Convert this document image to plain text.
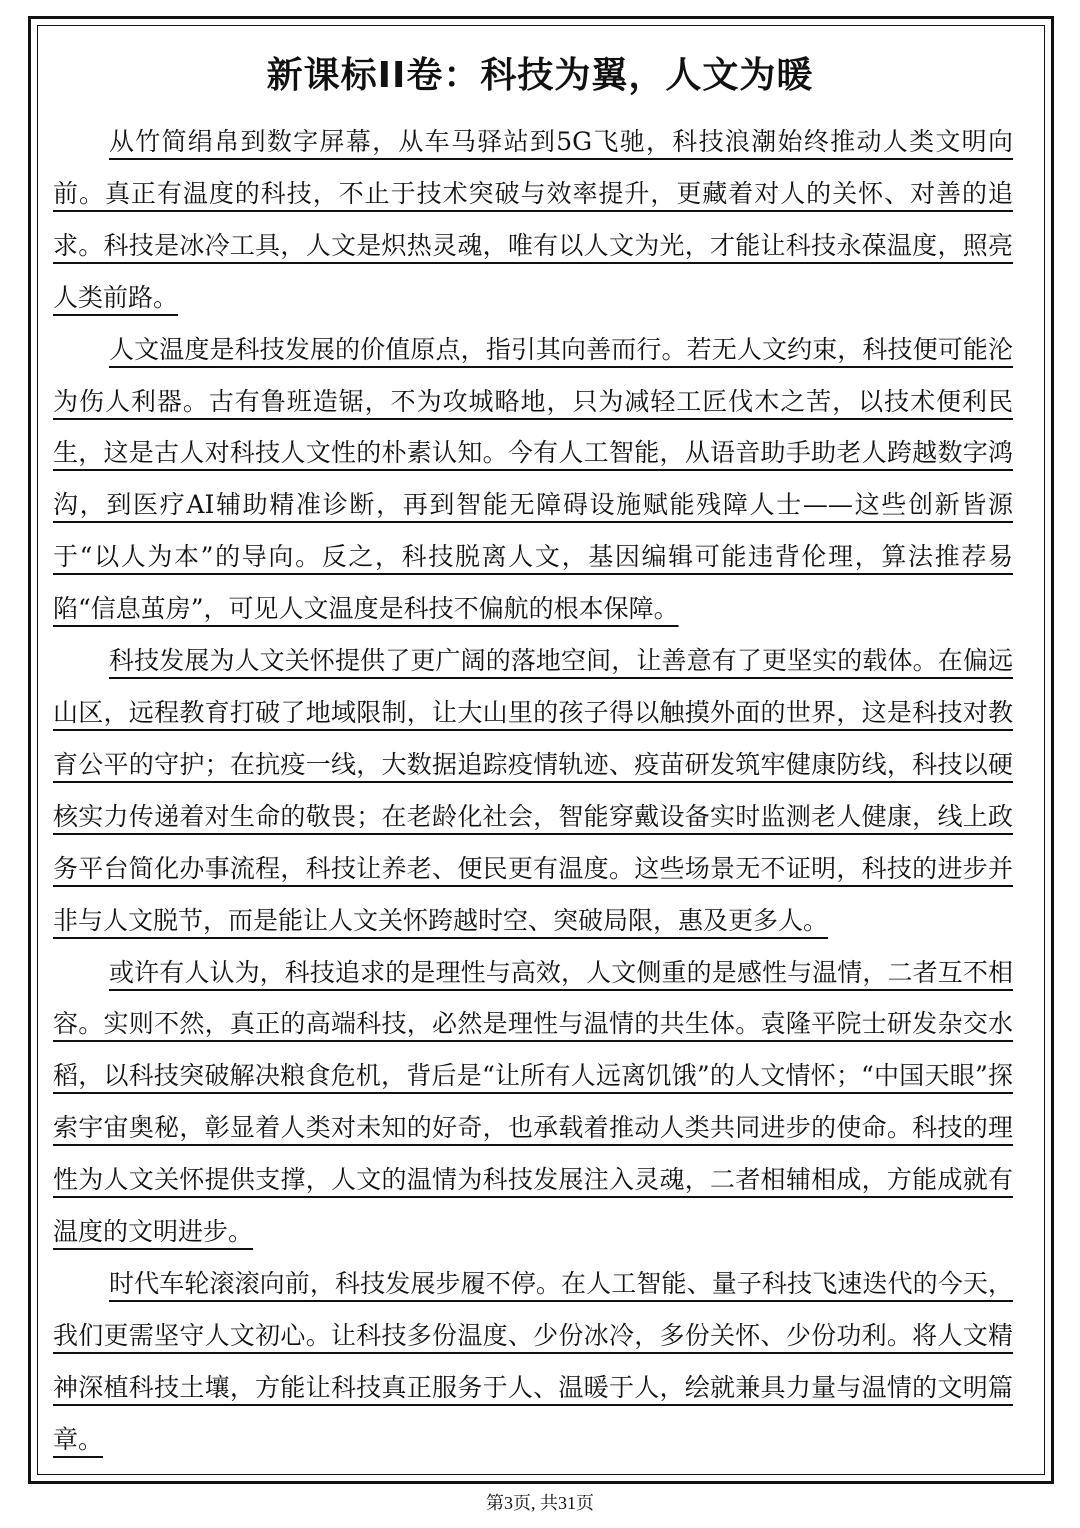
新课标II卷：科技为翼，人文为暖

从竹简绢帛到数字屏幕，从车马驿站到5G飞驰，科技浪潮始终推动人类文明向前。真正有温度的科技，不止于技术突破与效率提升，更藏着对人的关怀、对善的追求。科技是冰冷工具，人文是炽热灵魂，唯有以人文为光，才能让科技永葆温度，照亮人类前路。

人文温度是科技发展的价值原点，指引其向善而行。若无人文约束，科技便可能沦为伤人利器。古有鲁班造锯，不为攻城略地，只为减轻工匠伐木之苦，以技术便利民生，这是古人对科技人文性的朴素认知。今有人工智能，从语音助手助老人跨越数字鸿沟，到医疗AI辅助精准诊断，再到智能无障碍设施赋能残障人士——这些创新皆源于“以人为本”的导向。反之，科技脱离人文，基因编辑可能违背伦理，算法推荐易陷“信息茧房”，可见人文温度是科技不偏航的根本保障。

科技发展为人文关怀提供了更广阔的落地空间，让善意有了更坚实的载体。在偏远山区，远程教育打破了地域限制，让大山里的孩子得以触摸外面的世界，这是科技对教育公平的守护；在抗疫一线，大数据追踪疫情轨迹、疫苗研发筑牢健康防线，科技以硬核实力传递着对生命的敬畏；在老龄化社会，智能穿戴设备实时监测老人健康，线上政务平台简化办事流程，科技让养老、便民更有温度。这些场景无不证明，科技的进步并非与人文脱节，而是能让人文关怀跨越时空、突破局限，惠及更多人。

或许有人认为，科技追求的是理性与高效，人文侧重的是感性与温情，二者互不相容。实则不然，真正的高端科技，必然是理性与温情的共生体。袁隆平院士研发杂交水稻，以科技突破解决粮食危机，背后是“让所有人远离饥饿”的人文情怀；“中国天眼”探索宇宙奥秘，彰显着人类对未知的好奇，也承载着推动人类共同进步的使命。科技的理性为人文关怀提供支撑，人文的温情为科技发展注入灵魂，二者相辅相成，方能成就有温度的文明进步。

时代车轮滚滚向前，科技发展步履不停。在人工智能、量子科技飞速迭代的今天，我们更需坚守人文初心。让科技多份温度、少份冰冷，多份关怀、少份功利。将人文精神深植科技土壤，方能让科技真正服务于人、温暖于人，绘就兼具力量与温情的文明篇章。

第3页, 共31页
